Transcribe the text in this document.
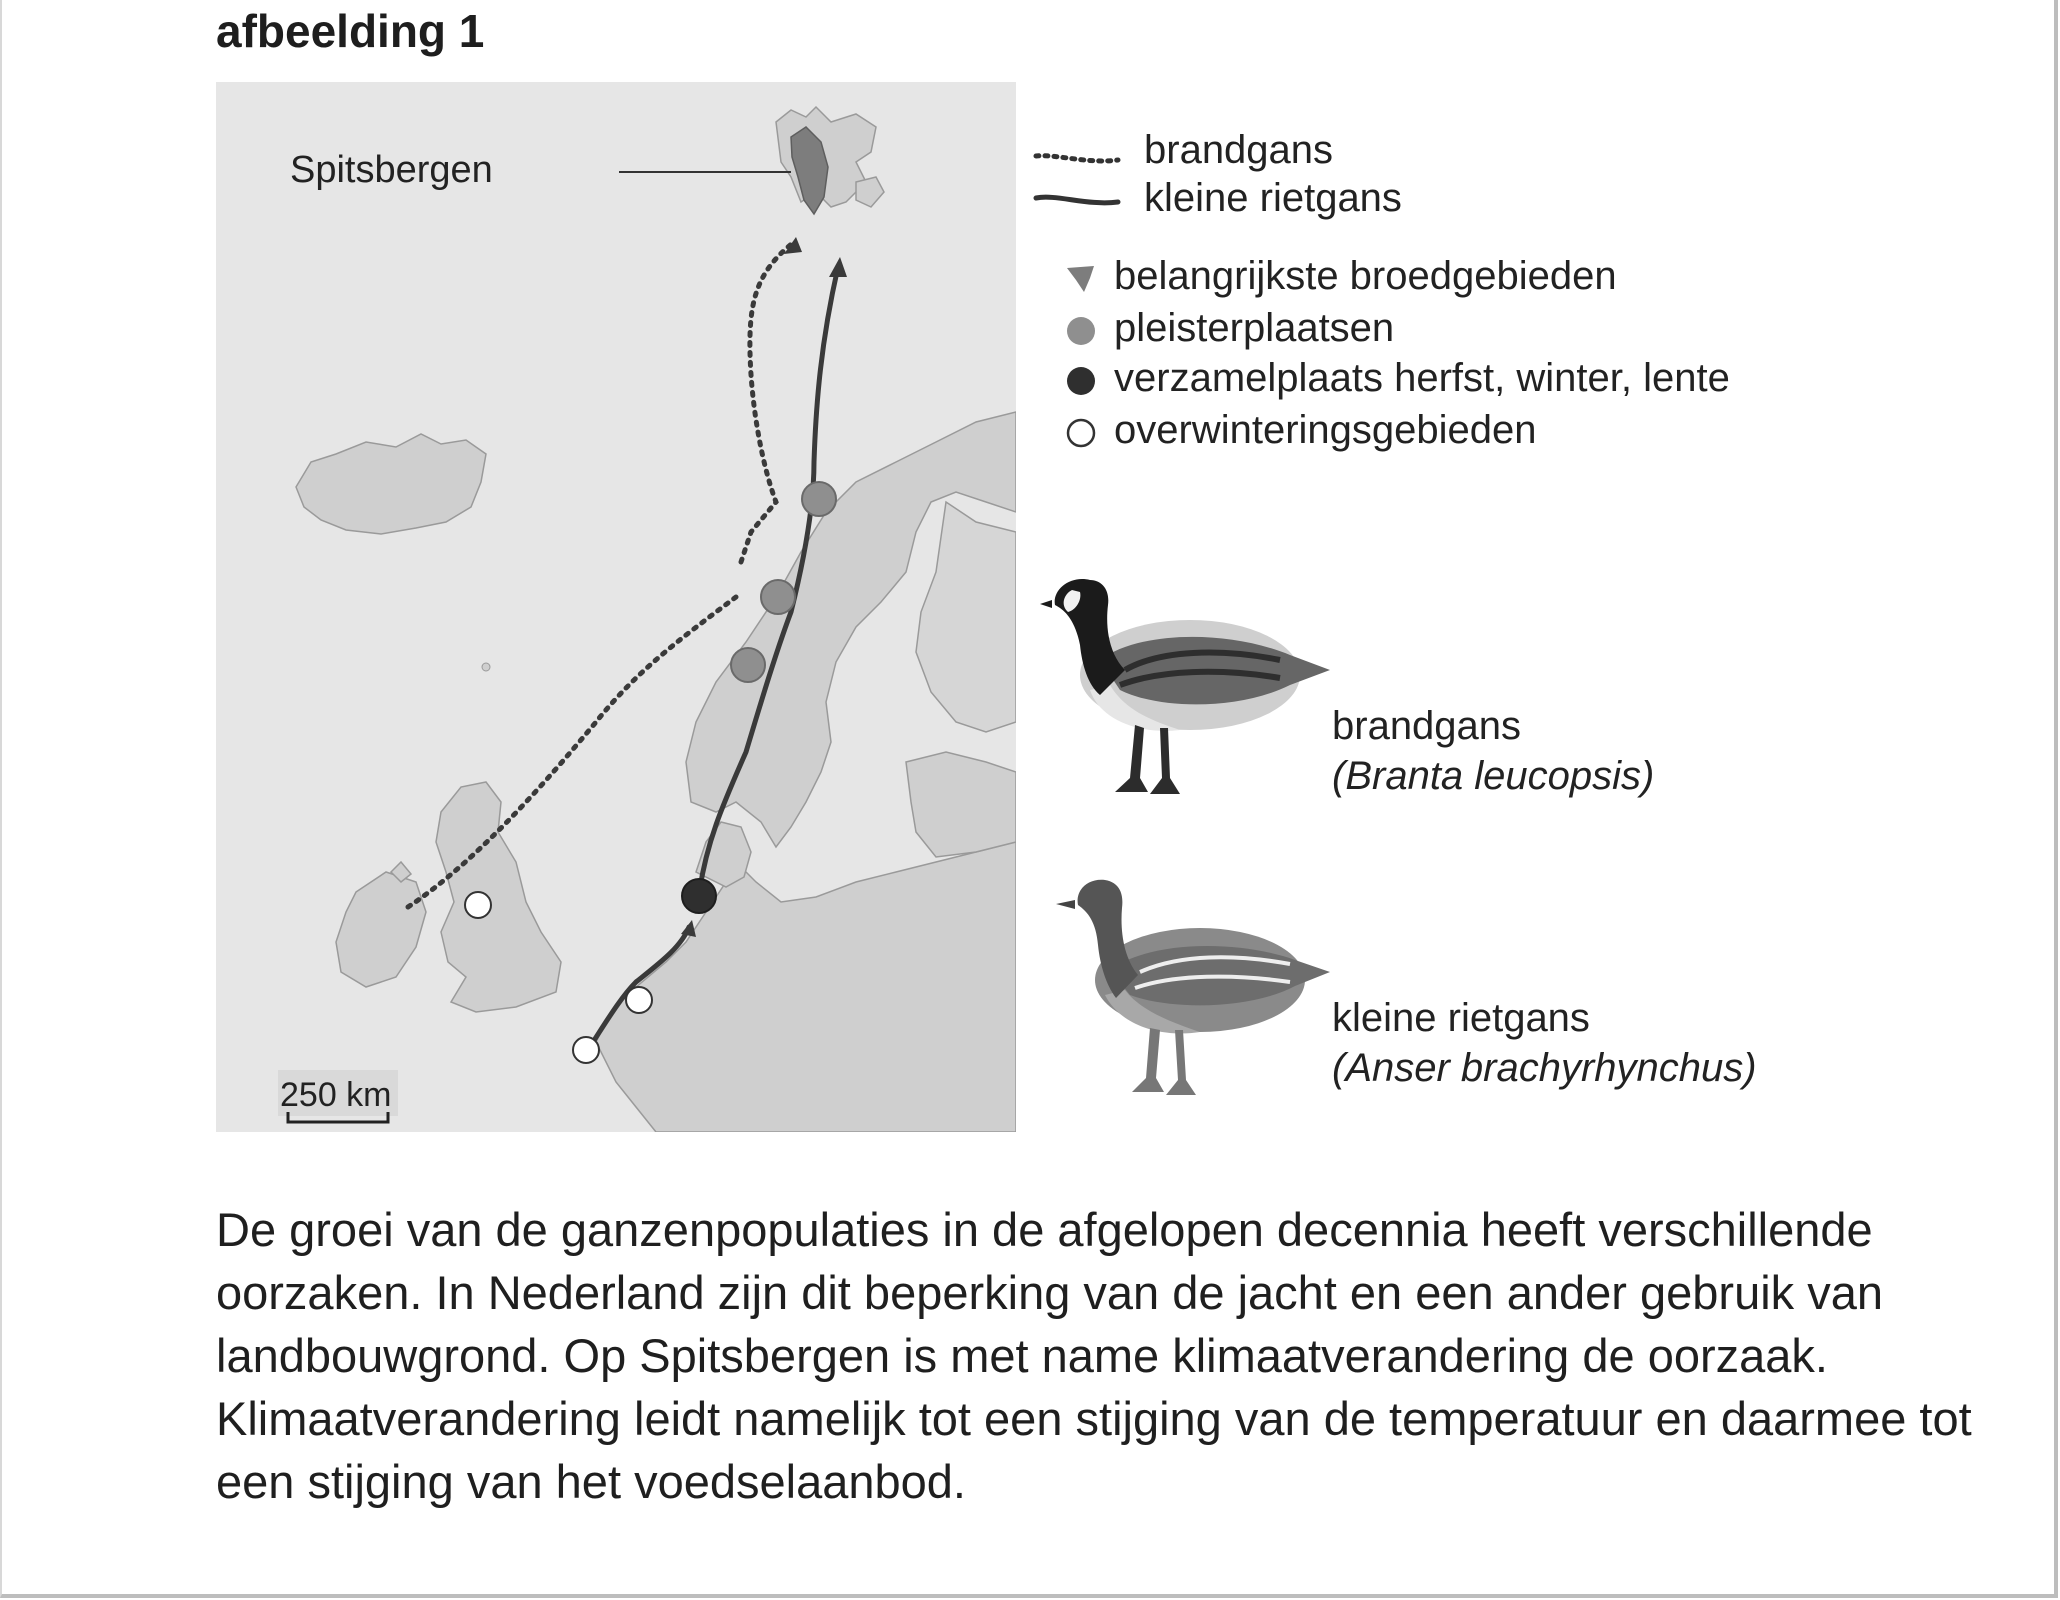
afbeelding 1
Spitsbergen
250 km
brandgans
kleine rietgans
belangrijkste broedgebieden
pleisterplaatsen
verzamelplaats herfst, winter, lente
overwinteringsgebieden
brandgans
(Branta leucopsis)
kleine rietgans
(Anser brachyrhynchus)

De groei van de ganzenpopulaties in de afgelopen decennia heeft verschillende oorzaken. In Nederland zijn dit beperking van de jacht en een ander gebruik van landbouwgrond. Op Spitsbergen is met name klimaatverandering de oorzaak. Klimaatverandering leidt namelijk tot een stijging van de temperatuur en daarmee tot een stijging van het voedselaanbod.
